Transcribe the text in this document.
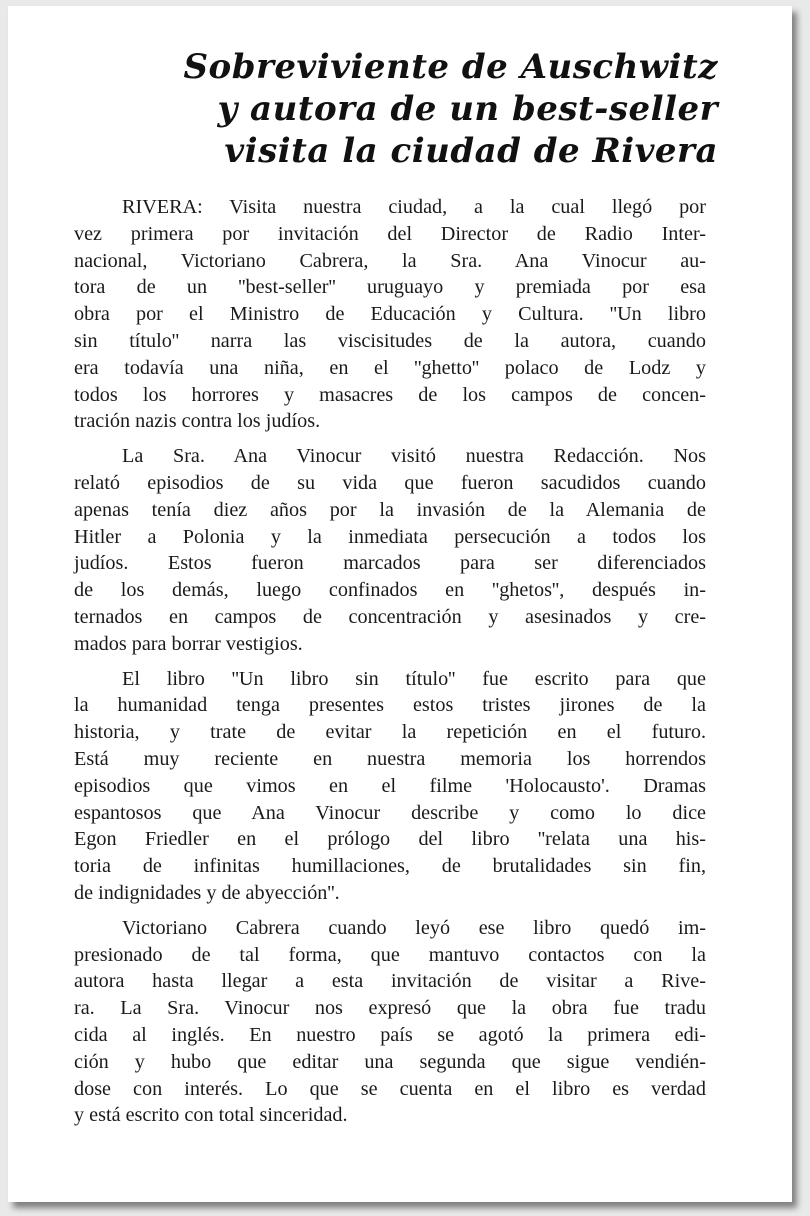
Sobreviviente de Auschwitz
y autora de un best-seller
visita la ciudad de Rivera

RIVERA: Visita nuestra ciudad, a la cual llegó por
vez primera por invitación del Director de Radio Inter-
nacional, Victoriano Cabrera, la Sra. Ana Vinocur au-
tora de un ''best-seller'' uruguayo y premiada por esa
obra por el Ministro de Educación y Cultura. ''Un libro
sin título'' narra las viscisitudes de la autora, cuando
era todavía una niña, en el ''ghetto'' polaco de Lodz y
todos los horrores y masacres de los campos de concen-
tración nazis contra los judíos.

La Sra. Ana Vinocur visitó nuestra Redacción. Nos
relató episodios de su vida que fueron sacudidos cuando
apenas tenía diez años por la invasión de la Alemania de
Hitler a Polonia y la inmediata persecución a todos los
judíos. Estos fueron marcados para ser diferenciados
de los demás, luego confinados en ''ghetos'', después in-
ternados en campos de concentración y asesinados y cre-
mados para borrar vestigios.

El libro ''Un libro sin título'' fue escrito para que
la humanidad tenga presentes estos tristes jirones de la
historia, y trate de evitar la repetición en el futuro.
Está muy reciente en nuestra memoria los horrendos
episodios que vimos en el filme 'Holocausto'. Dramas
espantosos que Ana Vinocur describe y como lo dice
Egon Friedler en el prólogo del libro ''relata una his-
toria de infinitas humillaciones, de brutalidades sin fin,
de indignidades y de abyección''.

Victoriano Cabrera cuando leyó ese libro quedó im-
presionado de tal forma, que mantuvo contactos con la
autora hasta llegar a esta invitación de visitar a Rive-
ra. La Sra. Vinocur nos expresó que la obra fue tradu
cida al inglés. En nuestro país se agotó la primera edi-
ción y hubo que editar una segunda que sigue vendién-
dose con interés. Lo que se cuenta en el libro es verdad
y está escrito con total sinceridad.
